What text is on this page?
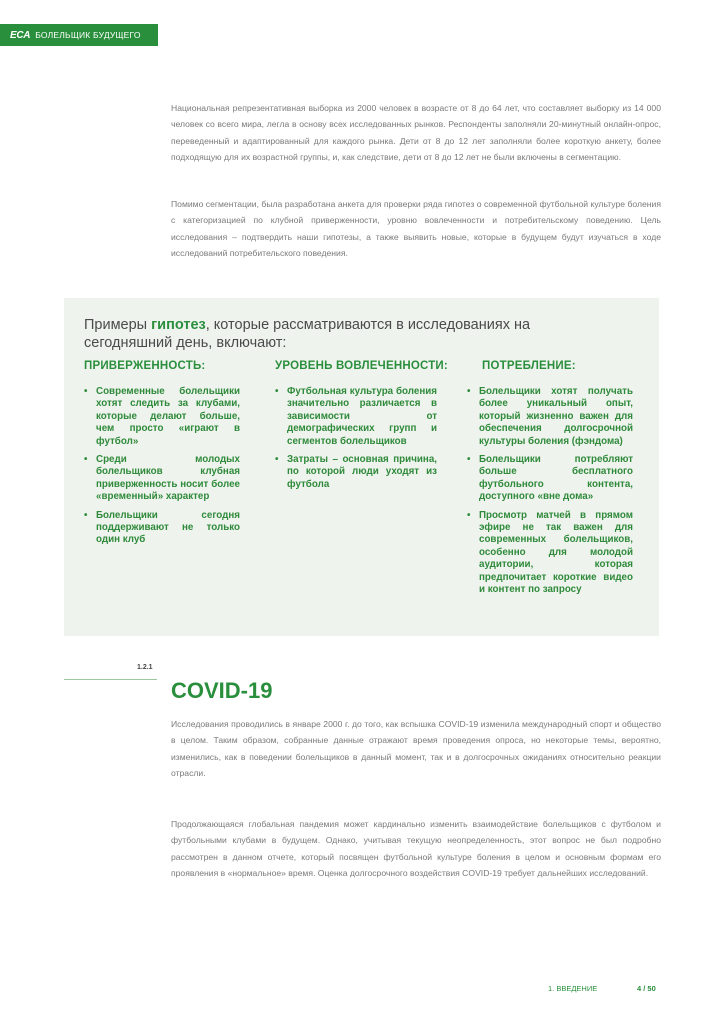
ECA БОЛЕЛЬЩИК БУДУЩЕГО

Национальная репрезентативная выборка из 2000 человек в возрасте от 8 до 64 лет, что составляет выборку из 14 000 человек со всего мира, легла в основу всех исследованных рынков. Респонденты заполняли 20-минутный онлайн-опрос, переведенный и адаптированный для каждого рынка. Дети от 8 до 12 лет заполняли более короткую анкету, более подходящую для их возрастной группы, и, как следствие, дети от 8 до 12 лет не были включены в сегментацию.

Помимо сегментации, была разработана анкета для проверки ряда гипотез о современной футбольной культуре боления с категоризацией по клубной приверженности, уровню вовлеченности и потребительскому поведению. Цель исследования – подтвердить наши гипотезы, а также выявить новые, которые в будущем будут изучаться в ходе исследований потребительского поведения.

Примеры гипотез, которые рассматриваются в исследованиях на сегодняшний день, включают:

ПРИВЕРЖЕННОСТЬ:	УРОВЕНЬ ВОВЛЕЧЕННОСТИ:	ПОТРЕБЛЕНИЕ:
• Современные болельщики хотят следить за клубами, которые делают больше, чем просто «играют в футбол»
• Среди молодых болельщиков клубная приверженность носит более «временный» характер
• Болельщики сегодня поддерживают не только один клуб
• Футбольная культура боления значительно различается в зависимости от демографических групп и сегментов болельщиков
• Затраты – основная причина, по которой люди уходят из футбола
• Болельщики хотят получать более уникальный опыт, который жизненно важен для обеспечения долгосрочной культуры боления (фэндома)
• Болельщики потребляют больше бесплатного футбольного контента, доступного «вне дома»
• Просмотр матчей в прямом эфире не так важен для современных болельщиков, особенно для молодой аудитории, которая предпочитает короткие видео и контент по запросу
1.2.1
COVID-19

Исследования проводились в январе 2000 г. до того, как вспышка COVID-19 изменила международный спорт и общество в целом. Таким образом, собранные данные отражают время проведения опроса, но некоторые темы, вероятно, изменились, как в поведении болельщиков в данный момент, так и в долгосрочных ожиданиях относительно реакции отрасли.

Продолжающаяся глобальная пандемия может кардинально изменить взаимодействие болельщиков с футболом и футбольными клубами в будущем. Однако, учитывая текущую неопределенность, этот вопрос не был подробно рассмотрен в данном отчете, который посвящен футбольной культуре боления в целом и основным формам его проявления в «нормальное» время. Оценка долгосрочного воздействия COVID-19 требует дальнейших исследований.

1. ВВЕДЕНИЕ	4 / 50
